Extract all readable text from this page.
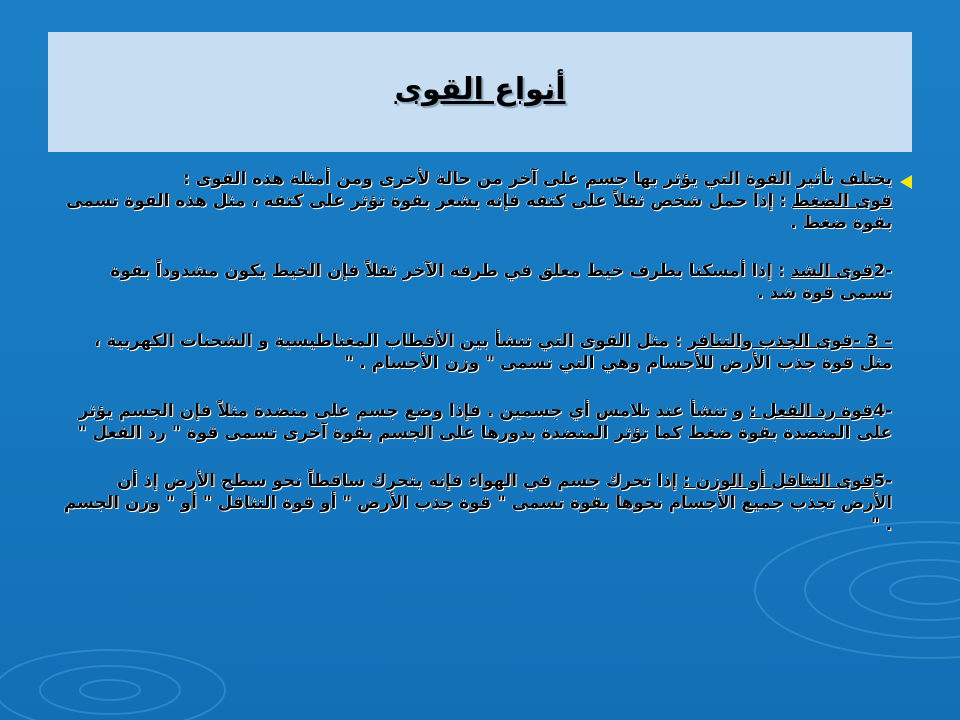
أنواع القوى

يختلف تأثير القوة التي يؤثر بها جسم على آخر من حالة لأخرى ومن أمثلة هذه القوى :
قوى الضغط : إذا حمل شخص ثقلاً على كتفه فإنه يشعر بقوة تؤثر على كتفه ، مثل هذه القوة تسمى بقوة ضغط .

-2قوى الشد : إذا أمسكنا بطرف خيط معلق في طرفه الآخر ثقلاً فإن الخيط يكون مشدوداً بقوة تسمى قوة شد .

– 3 -قوى الجذب والتنافر : مثل القوى التي تنشأ بين الأقطاب المغناطيسية و الشحنات الكهربية ، مثل قوة جذب الأرض للأجسام وهي التي تسمى " وزن الأجسام . "

-4قوة رد الفعل : و تنشأ عند تلامس أي جسمين . فإذا وضع جسم على منضدة مثلاً فإن الجسم يؤثر على المنضدة بقوة ضغط كما تؤثر المنضدة بدورها على الجسم بقوة آخرى تسمى قوة " رد الفعل "

-5قوى التثاقل أو الوزن : إذا تحرك جسم في الهواء فإنه يتحرك ساقطاً نحو سطح الأرض إذ أن الأرض تجذب جميع الأجسام نحوها بقوة تسمى " قوة جذب الأرض " أو قوة التثاقل " أو " وزن الجسم . "
